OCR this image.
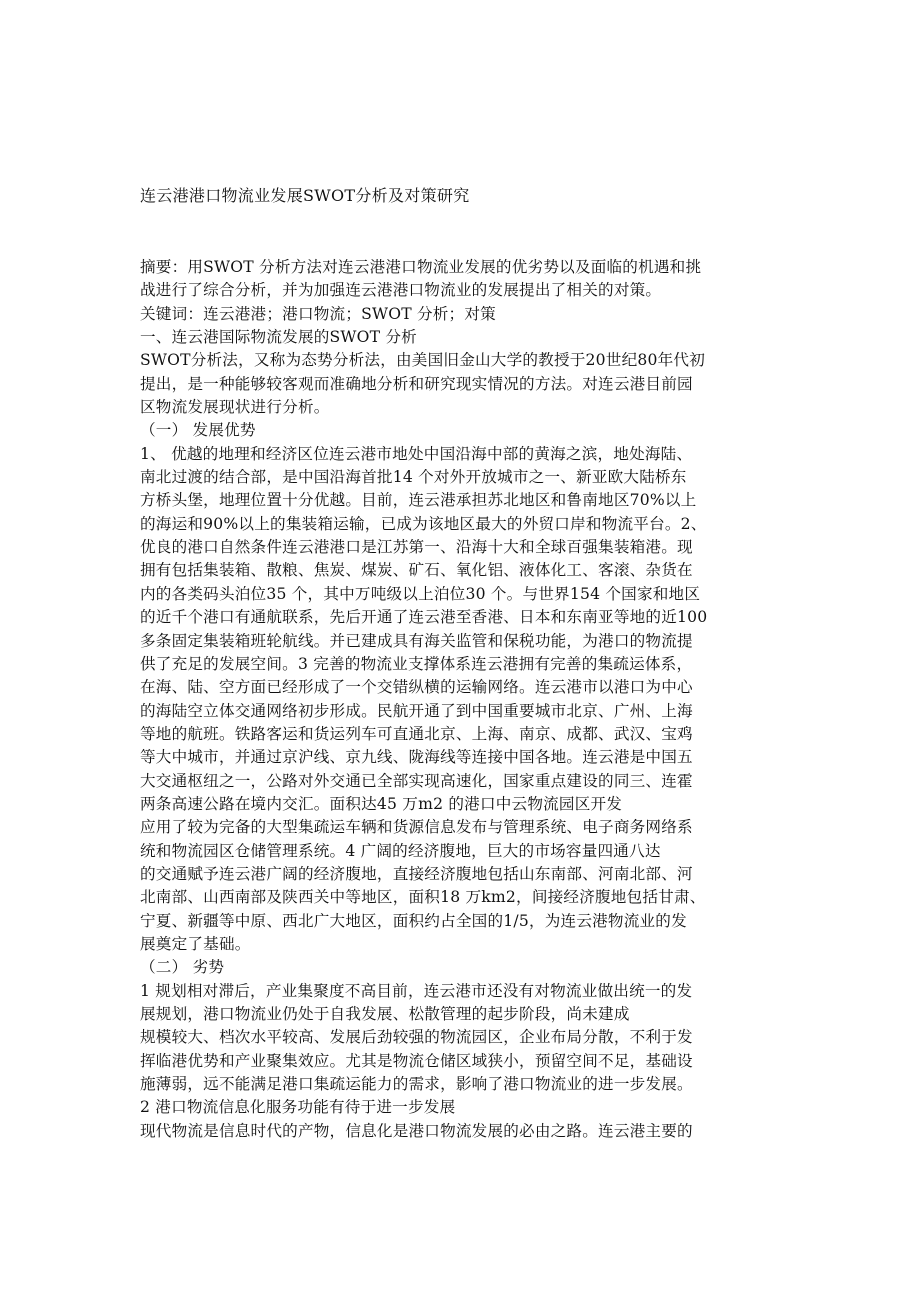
连云港港口物流业发展SWOT分析及对策研究
摘要：用SWOT 分析方法对连云港港口物流业发展的优劣势以及面临的机遇和挑
战进行了综合分析，并为加强连云港港口物流业的发展提出了相关的对策。
关键词：连云港港；港口物流；SWOT 分析；对策
一、连云港国际物流发展的SWOT 分析
SWOT分析法，又称为态势分析法，由美国旧金山大学的教授于20世纪80年代初
提出，是一种能够较客观而准确地分析和研究现实情况的方法。对连云港目前园
区物流发展现状进行分析。
（一） 发展优势
1、 优越的地理和经济区位连云港市地处中国沿海中部的黄海之滨，地处海陆、
南北过渡的结合部，是中国沿海首批14 个对外开放城市之一、新亚欧大陆桥东
方桥头堡，地理位置十分优越。目前，连云港承担苏北地区和鲁南地区70%以上
的海运和90%以上的集装箱运输，已成为该地区最大的外贸口岸和物流平台。2、
优良的港口自然条件连云港港口是江苏第一、沿海十大和全球百强集装箱港。现
拥有包括集装箱、散粮、焦炭、煤炭、矿石、氧化铝、液体化工、客滚、杂货在
内的各类码头泊位35 个，其中万吨级以上泊位30 个。与世界154 个国家和地区
的近千个港口有通航联系，先后开通了连云港至香港、日本和东南亚等地的近100
多条固定集装箱班轮航线。并已建成具有海关监管和保税功能，为港口的物流提
供了充足的发展空间。3 完善的物流业支撑体系连云港拥有完善的集疏运体系，
在海、陆、空方面已经形成了一个交错纵横的运输网络。连云港市以港口为中心
的海陆空立体交通网络初步形成。民航开通了到中国重要城市北京、广州、上海
等地的航班。铁路客运和货运列车可直通北京、上海、南京、成都、武汉、宝鸡
等大中城市，并通过京沪线、京九线、陇海线等连接中国各地。连云港是中国五
大交通枢纽之一，公路对外交通已全部实现高速化，国家重点建设的同三、连霍
两条高速公路在境内交汇。面积达45 万m2 的港口中云物流园区开发
应用了较为完备的大型集疏运车辆和货源信息发布与管理系统、电子商务网络系
统和物流园区仓储管理系统。4 广阔的经济腹地，巨大的市场容量四通八达
的交通赋予连云港广阔的经济腹地，直接经济腹地包括山东南部、河南北部、河
北南部、山西南部及陕西关中等地区，面积18 万km2，间接经济腹地包括甘肃、
宁夏、新疆等中原、西北广大地区，面积约占全国的1/5，为连云港物流业的发
展奠定了基础。
（二） 劣势
1 规划相对滞后，产业集聚度不高目前，连云港市还没有对物流业做出统一的发
展规划，港口物流业仍处于自我发展、松散管理的起步阶段，尚未建成
规模较大、档次水平较高、发展后劲较强的物流园区，企业布局分散，不利于发
挥临港优势和产业聚集效应。尤其是物流仓储区域狭小，预留空间不足，基础设
施薄弱，远不能满足港口集疏运能力的需求，影响了港口物流业的进一步发展。
2 港口物流信息化服务功能有待于进一步发展
现代物流是信息时代的产物，信息化是港口物流发展的必由之路。连云港主要的
